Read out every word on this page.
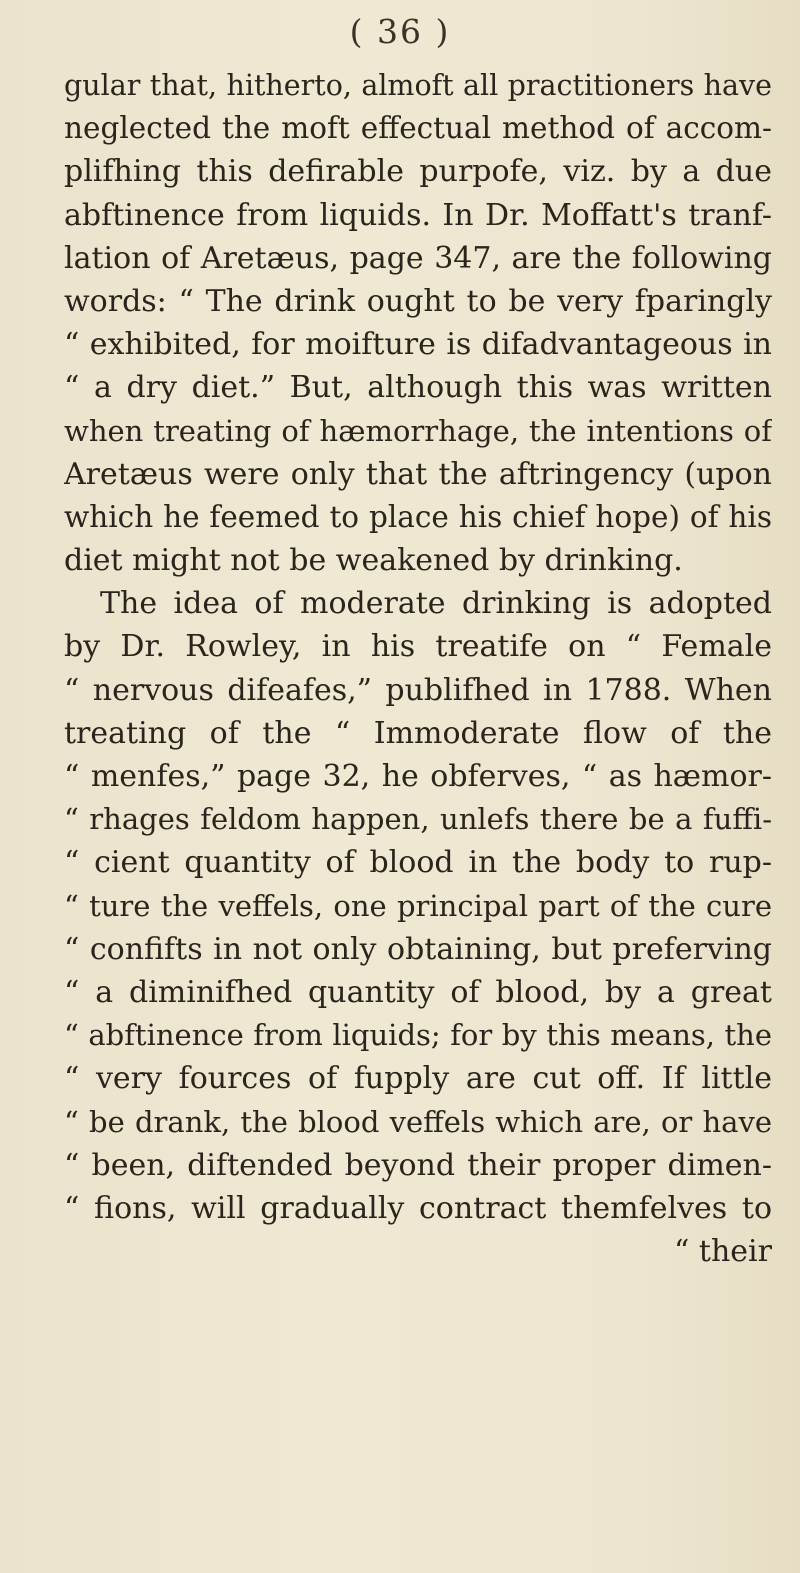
( 36 )
gular that, hitherto, almoft all practitioners have
neglected the moft effectual method of accom-
plifhing this defirable purpofe, viz. by a due
abftinence from liquids. In Dr. Moffatt's tranf-
lation of Aretæus, page 347, are the following
words: “ The drink ought to be very fparingly
“ exhibited, for moifture is difadvantageous in
“ a dry diet.” But, although this was written
when treating of hæmorrhage, the intentions of
Aretæus were only that the aftringency (upon
which he feemed to place his chief hope) of his
diet might not be weakened by drinking.
The idea of moderate drinking is adopted
by Dr. Rowley, in his treatife on “ Female
“ nervous difeafes,” publifhed in 1788. When
treating of the “ Immoderate flow of the
“ menfes,” page 32, he obferves, “ as hæmor-
“ rhages feldom happen, unlefs there be a fuffi-
“ cient quantity of blood in the body to rup-
“ ture the veffels, one principal part of the cure
“ confifts in not only obtaining, but preferving
“ a diminifhed quantity of blood, by a great
“ abftinence from liquids; for by this means, the
“ very fources of fupply are cut off. If little
“ be drank, the blood veffels which are, or have
“ been, diftended beyond their proper dimen-
“ fions, will gradually contract themfelves to
“ their
